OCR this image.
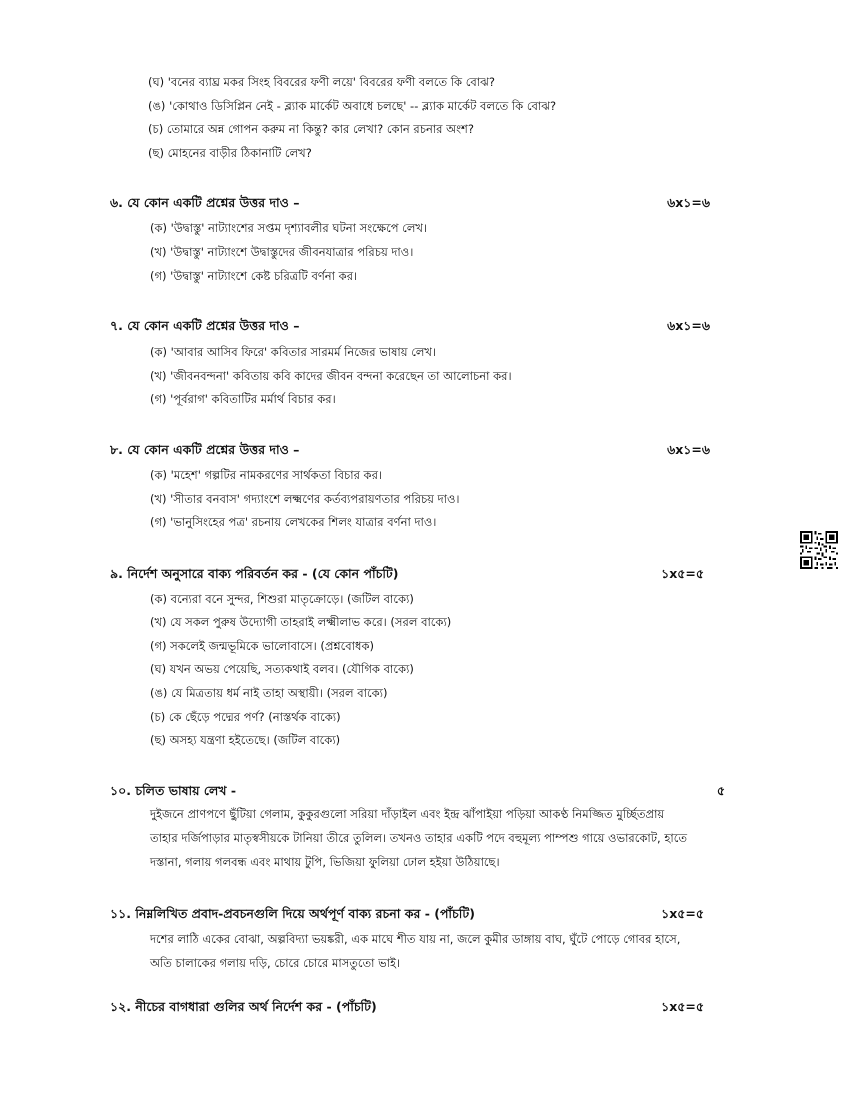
(ঘ) 'বনের ব্যাঘ্র মকর সিংহ বিবরের ফণী লয়ে' বিবরের ফণী বলতে কি বোঝ?
(ঙ) 'কোথাও ডিসিপ্লিন নেই - ব্ল্যাক মার্কেট অবাধে চলছে' -- ব্ল্যাক মার্কেট বলতে কি বোঝ?
(চ) তোমারে অন্ন গোপন করুম না কিন্তু? কার লেখা? কোন রচনার অংশ?
(ছ) মোহনের বাড়ীর ঠিকানাটি লেখ?
৬. যে কোন একটি প্রশ্নের উত্তর দাও –	৬x১=৬
(ক) 'উদ্বাস্তু' নাট্যাংশের সপ্তম দৃশ্যাবলীর ঘটনা সংক্ষেপে লেখ।
(খ) 'উদ্বাস্তু' নাট্যাংশে উদ্বাস্তুদের জীবনযাত্রার পরিচয় দাও।
(গ) 'উদ্বাস্তু' নাট্যাংশে কেষ্ট চরিত্রটি বর্ণনা কর।
৭. যে কোন একটি প্রশ্নের উত্তর দাও –	৬x১=৬
(ক) 'আবার আসিব ফিরে' কবিতার সারমর্ম নিজের ভাষায় লেখ।
(খ) 'জীবনবন্দনা' কবিতায় কবি কাদের জীবন বন্দনা করেছেন তা আলোচনা কর।
(গ) 'পূর্বরাগ' কবিতাটির মর্মার্থ বিচার কর।
৮. যে কোন একটি প্রশ্নের উত্তর দাও –	৬x১=৬
(ক) 'মহেশ' গল্পটির নামকরণের সার্থকতা বিচার কর।
(খ) 'সীতার বনবাস' গদ্যাংশে লক্ষ্মণের কর্তব্যপরায়ণতার পরিচয় দাও।
(গ) 'ভানুসিংহের পত্র' রচনায় লেখকের শিলং যাত্রার বর্ণনা দাও।
৯. নির্দেশ অনুসারে বাক্য পরিবর্তন কর - (যে কোন পাঁচটি)	১x৫=৫
(ক) বন্যেরা বনে সুন্দর, শিশুরা মাতৃক্রোড়ে। (জটিল বাক্যে)
(খ) যে সকল পুরুষ উদ্যোগী তাহরাই লক্ষ্মীলাভ করে। (সরল বাক্যে)
(গ) সকলেই জন্মভূমিকে ভালোবাসে। (প্রশ্নবোধক)
(ঘ) যখন অভয় পেয়েছি, সত্যকথাই বলব। (যৌগিক বাক্যে)
(ঙ) যে মিত্রতায় ধর্ম নাই তাহা অস্থায়ী। (সরল বাক্যে)
(চ) কে ছেঁড়ে পদ্মের পর্ণ? (নাস্তর্থক বাক্যে)
(ছ) অসহ্য যন্ত্রণা হইতেছে। (জটিল বাক্যে)
১০. চলিত ভাষায় লেখ -	৫
দুইজনে প্রাণপণে ছুঁটিয়া গেলাম, কুকুরগুলো সরিয়া দাঁড়াইল এবং ইন্দ্র ঝাঁপাইয়া পড়িয়া আকণ্ঠ নিমজ্জিত মুর্চ্ছিতপ্রায়
তাহার দর্জিপাড়ার মাতৃস্বসীয়কে টানিয়া তীরে তুলিল। তখনও তাহার একটি পদে বহুমূল্য পাম্পশু গায়ে ওভারকোট, হাতে
দস্তানা, গলায় গলবন্ধ এবং মাথায় টুপি, ভিজিয়া ফুলিয়া ঢোল হইয়া উঠিয়াছে।
১১. নিম্নলিখিত প্রবাদ-প্রবচনগুলি দিয়ে অর্থপূর্ণ বাক্য রচনা কর - (পাঁচটি)	১x৫=৫
দশের লাঠি একের বোঝা, অল্পবিদ্যা ভয়ঙ্করী, এক মাঘে শীত যায় না, জলে কুমীর ডাঙ্গায় বাঘ, ঘুঁটে পোড়ে গোবর হাসে,
অতি চালাকের গলায় দড়ি, চোরে চোরে মাসতুতো ভাই।
১২. নীচের বাগধারা গুলির অর্থ নির্দেশ কর - (পাঁচটি)	১x৫=৫
